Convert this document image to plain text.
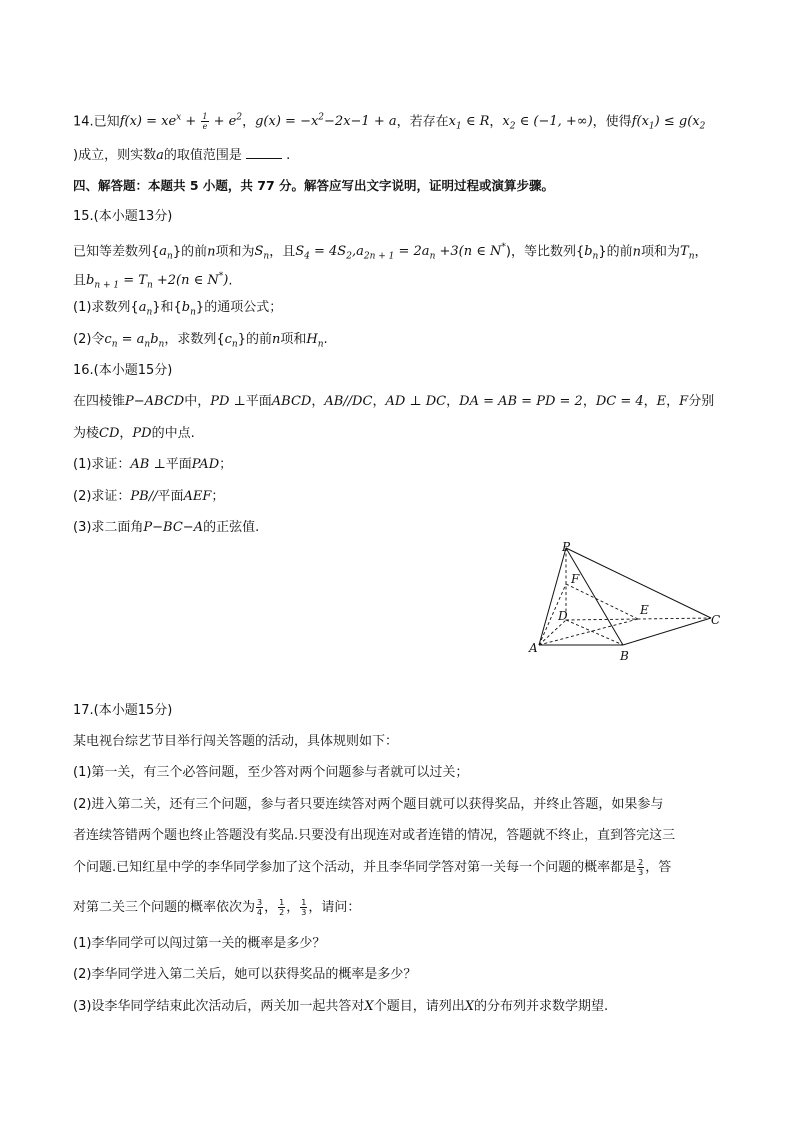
14.已知$f(x) = xe^x + \frac{1}{e} + e^2$，$g(x) = -x^2-2x-1 + a$，若存在$x_1$ ∈ R，$x_2$ ∈ (−1, +∞)，使得$f(x_1) \le g(x_2$
)成立，则实数a的取值范围是	.
四、解答题：本题共 5 小题，共 77 分。解答应写出文字说明，证明过程或演算步骤。
15.(本小题13分)
已知等差数列$\{a_n\}$的前n项和为$S_n$，且$S_4 = 4S_2,a_{2n + 1} = 2a_n +3(n$ ∈ N*)，等比数列$\{b_n\}$的前n项和为$T_n$，
且$b_{n + 1} = T_n +2(n$ ∈ N*).
(1)求数列$\{a_n\}$和$\{b_n\}$的通项公式；
(2)令$c_n = a_nb_n$，求数列$\{c_n\}$的前n项和$H_n$.
16.(本小题15分)
在四棱锥P−ABCD中，PD ⊥平面ABCD，AB//DC，AD ⊥ DC，DA = AB = PD = 2，DC = 4，E，F分别
为棱CD，PD的中点.
(1)求证：AB ⊥平面PAD；
(2)求证：PB//平面AEF；
(3)求二面角P−BC−A的正弦值.
P
F
D	E
C
A
B
17.(本小题15分)
某电视台综艺节目举行闯关答题的活动，具体规则如下：
(1)第一关，有三个必答问题，至少答对两个问题参与者就可以过关；
(2)进入第二关，还有三个问题，参与者只要连续答对两个题目就可以获得奖品，并终止答题，如果参与
者连续答错两个题也终止答题没有奖品.只要没有出现连对或者连错的情况，答题就不终止，直到答完这三
个问题.已知红星中学的李华同学参加了这个活动，并且李华同学答对第一关每一个问题的概率都是 $\frac{2}{3}$ ，答
对第二关三个问题的概率依次为 $\frac{3}{4}$ ， $\frac{1}{2}$ ， $\frac{1}{3}$ ，请问：
(1)李华同学可以闯过第一关的概率是多少？
(2)李华同学进入第二关后，她可以获得奖品的概率是多少？
(3)设李华同学结束此次活动后，两关加一起共答对X个题目，请列出X的分布列并求数学期望.
